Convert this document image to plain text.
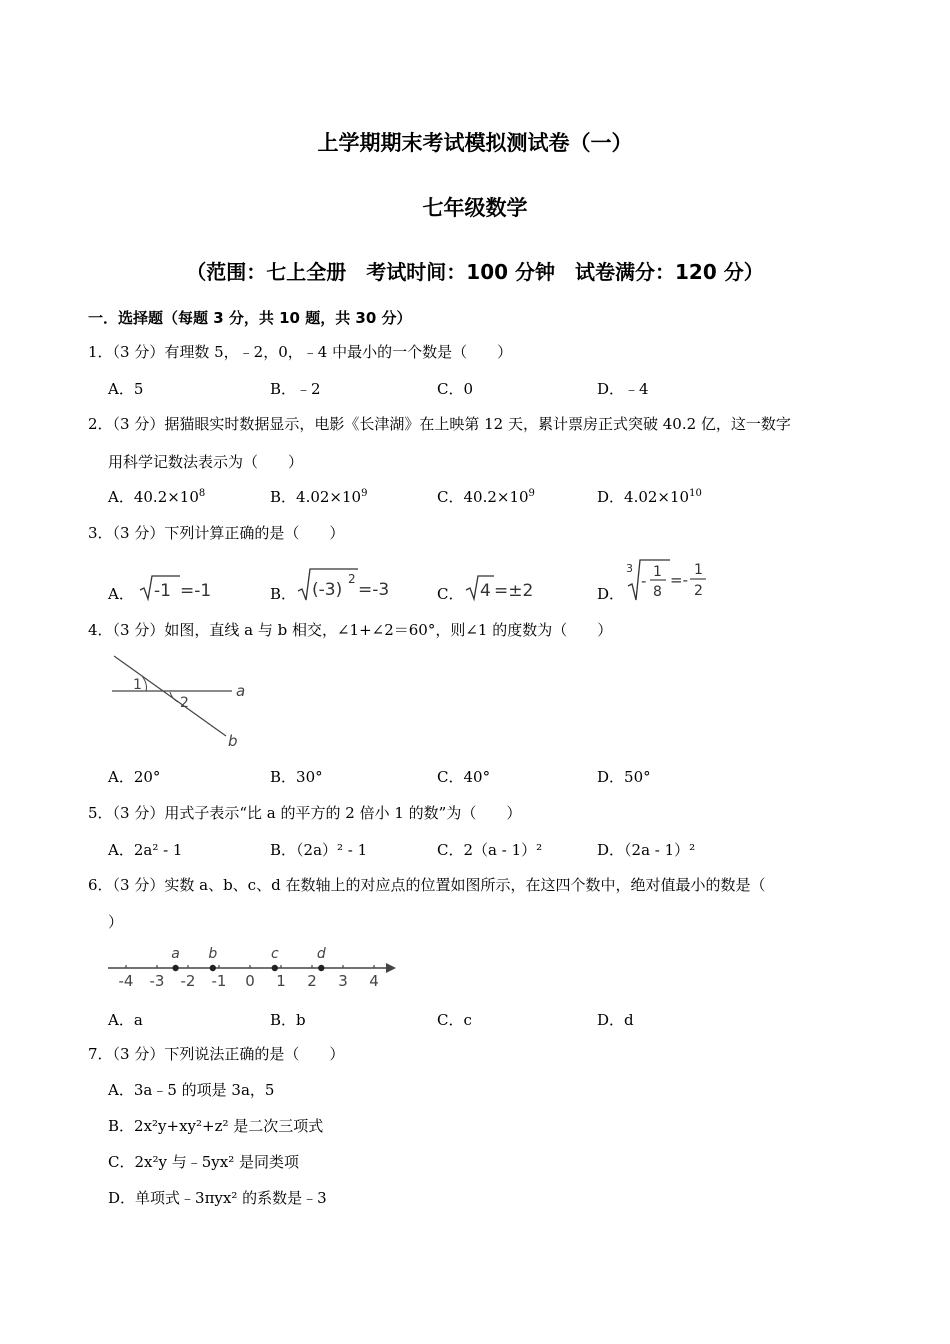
上学期期末考试模拟测试卷（一）
七年级数学
（范围：七上全册　考试时间：100 分钟　试卷满分：120 分）
一．选择题（每题 3 分，共 10 题，共 30 分）
1．（3 分）有理数 5，﹣2，0，﹣4 中最小的一个数是（　　）
A．5	B．﹣2	C．0	D．﹣4
2．（3 分）据猫眼实时数据显示，电影《长津湖》在上映第 12 天，累计票房正式突破 40.2 亿，这一数字
用科学记数法表示为（　　）
A．$40.2\times 10^8$	B．$4.02\times 10^9$	C．$40.2\times 10^9$	D．$4.02\times 10^{10}$
3．（3 分）下列计算正确的是（　　）
A．	B．	C．	D．
-1 =-1	(-3)
2
=-3	4 =±2
3
- 1
8
=-
1
2
4．（3 分）如图，直线 a 与 b 相交，∠1+∠2＝60°，则∠1 的度数为（　　）
1
2
a
b
A．20°	B．30°	C．40°	D．50°
5．（3 分）用式子表示“比 a 的平方的 2 倍小 1 的数”为（　　）
A．2a² - 1	B．（2a）² - 1	C．2（a - 1）²	D．（2a - 1）²
6．（3 分）实数 a、b、c、d 在数轴上的对应点的位置如图所示，在这四个数中，绝对值最小的数是（
）
-4 -3 -2 -1 0 1 2 3 4
a b	c	d
A．a	B．b	C．c	D．d
7．（3 分）下列说法正确的是（　　）
A．3a﹣5 的项是 3a，5
B．2x²y+xy²+z² 是二次三项式
C．2x²y 与﹣5yx² 是同类项
D．单项式﹣3πyx² 的系数是﹣3
